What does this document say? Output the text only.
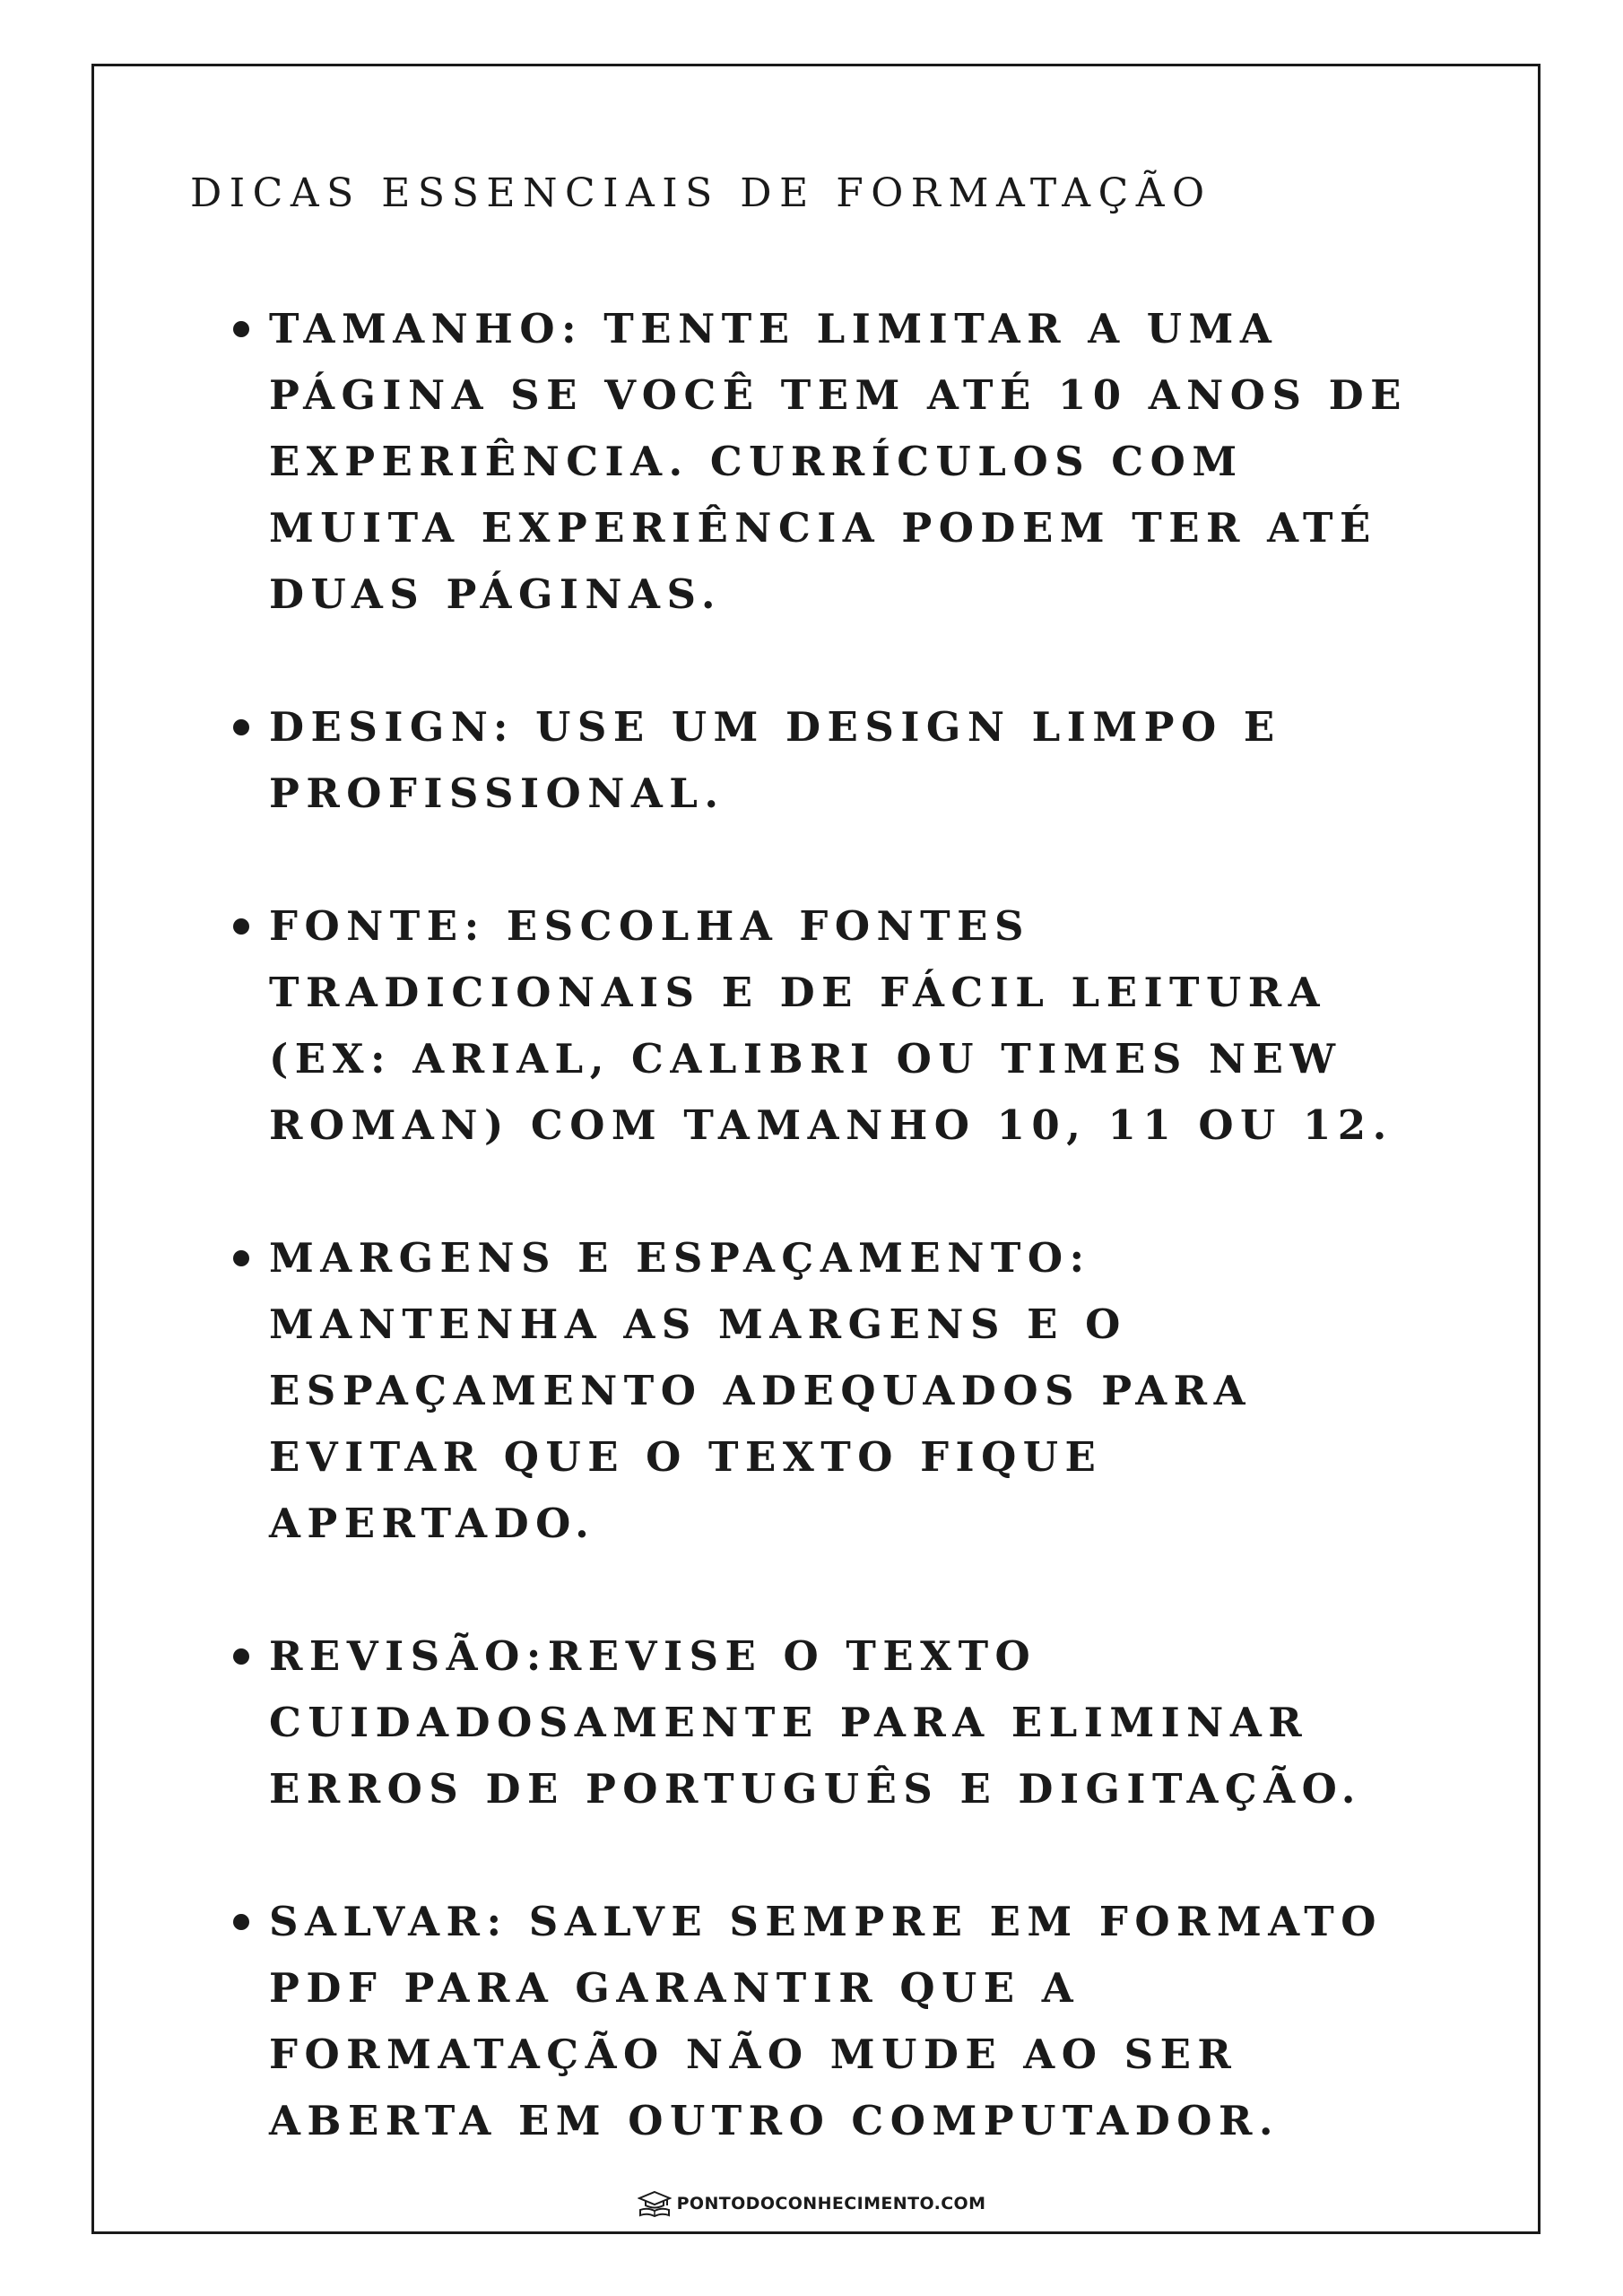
DICAS ESSENCIAIS DE FORMATAÇÃO
TAMANHO: TENTE LIMITAR A UMA PÁGINA SE VOCÊ TEM ATÉ 10 ANOS DE EXPERIÊNCIA. CURRÍCULOS COM MUITA EXPERIÊNCIA PODEM TER ATÉ DUAS PÁGINAS.
DESIGN: USE UM DESIGN LIMPO E PROFISSIONAL.
FONTE: ESCOLHA FONTES TRADICIONAIS E DE FÁCIL LEITURA (EX: ARIAL, CALIBRI OU TIMES NEW ROMAN) COM TAMANHO 10, 11 OU 12.
MARGENS E ESPAÇAMENTO: MANTENHA AS MARGENS E O ESPAÇAMENTO ADEQUADOS PARA EVITAR QUE O TEXTO FIQUE APERTADO.
REVISÃO:REVISE O TEXTO CUIDADOSAMENTE PARA ELIMINAR ERROS DE PORTUGUÊS E DIGITAÇÃO.
SALVAR: SALVE SEMPRE EM FORMATO PDF PARA GARANTIR QUE A FORMATAÇÃO NÃO MUDE AO SER ABERTA EM OUTRO COMPUTADOR.
PONTODOCONHECIMENTO.COM
